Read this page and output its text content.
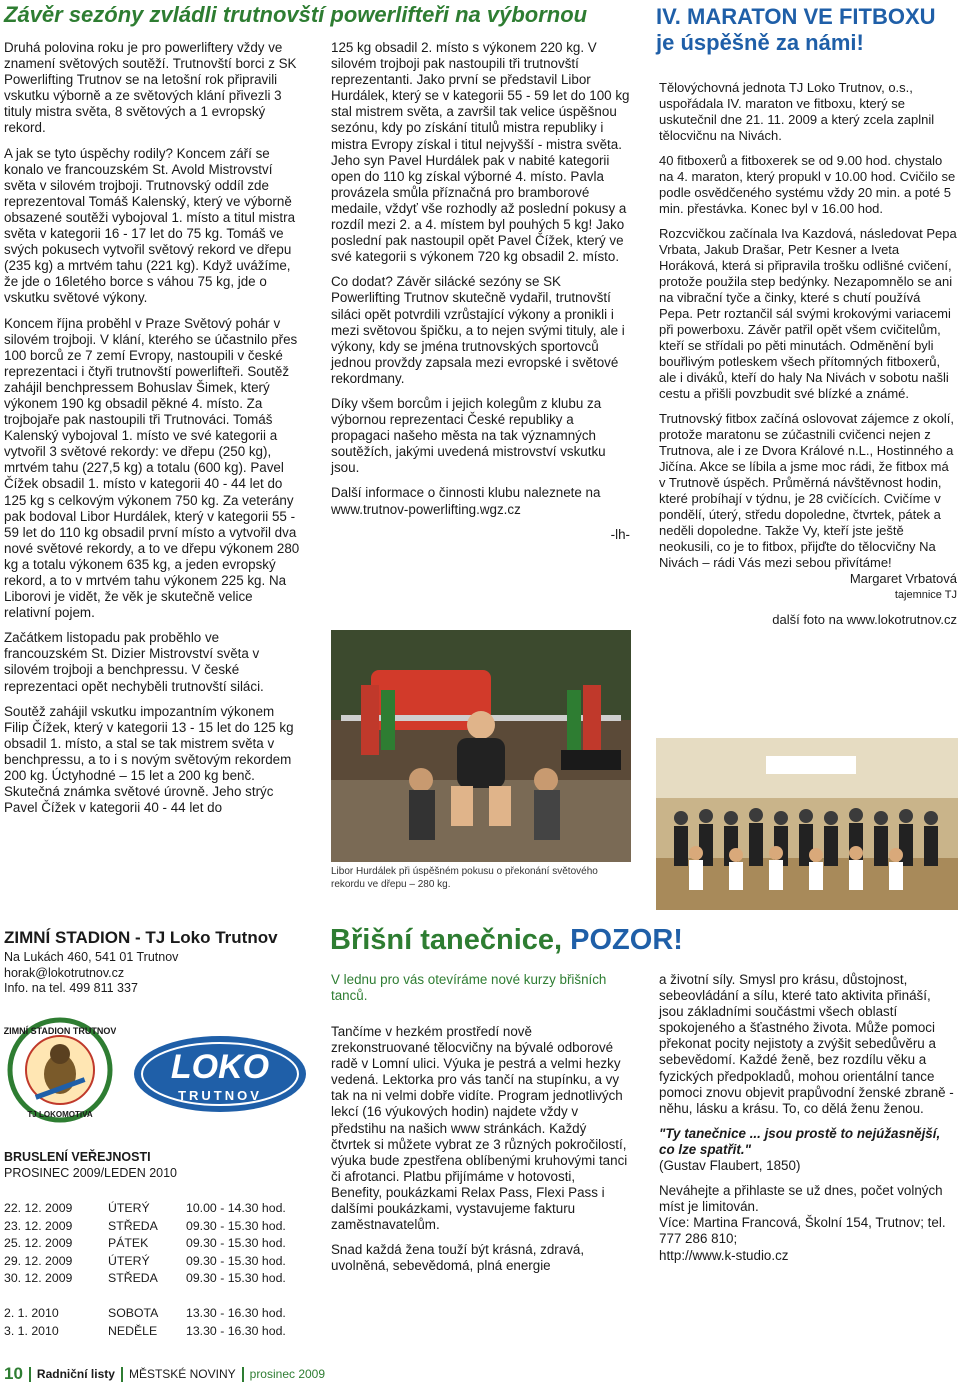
Závěr sezóny zvládli trutnovští powerlifteři na výbornou

Druhá polovina roku je pro powerliftery vždy ve znamení světových soutěží. Trutnovští borci z SK Powerlifting Trutnov se na letošní rok připravili vskutku výborně a ze světových klání přivezli 3 tituly mistra světa, 8 světových a 1 evropský rekord.

A jak se tyto úspěchy rodily? Koncem září se konalo ve francouzském St. Avold Mistrovství světa v silovém trojboji. Trutnovský oddíl zde reprezentoval Tomáš Kalenský, který ve výborně obsazené soutěži vybojoval 1. místo a titul mistra světa v kategorii 16 - 17 let do 75 kg. Tomáš ve svých pokusech vytvořil světový rekord ve dřepu (235 kg) a mrtvém tahu (221 kg). Když uvážíme, že jde o 16letého borce s váhou 75 kg, jde o vskutku světové výkony.

Koncem října proběhl v Praze Světový pohár v silovém trojboji. V klání, kterého se účastnilo přes 100 borců ze 7 zemí Evropy, nastoupili v české reprezentaci i čtyři trutnovští powerlifteři. Soutěž zahájil benchpressem Bohuslav Šimek, který výkonem 190 kg obsadil pěkné 4. místo. Za trojbojaře pak nastoupili tři Trutnováci. Tomáš Kalenský vybojoval 1. místo ve své kategorii a vytvořil 3 světové rekordy: ve dřepu (250 kg), mrtvém tahu (227,5 kg) a totalu (600 kg). Pavel Čížek obsadil 1. místo v kategorii 40 - 44 let do 125 kg s celkovým výkonem 750 kg. Za veterány pak bodoval Libor Hurdálek, který v kategorii 55 - 59 let do 110 kg obsadil první místo a vytvořil dva nové světové rekordy, a to ve dřepu výkonem 280 kg a totalu výkonem 635 kg, a jeden evropský rekord, a to v mrtvém tahu výkonem 225 kg. Na Liborovi je vidět, že věk je skutečně velice relativní pojem.

Začátkem listopadu pak proběhlo ve francouzském St. Dizier Mistrovství světa v silovém trojboji a benchpressu. V české reprezentaci opět nechyběli trutnovští siláci.

Soutěž zahájil vskutku impozantním výkonem Filip Čížek, který v kategorii 13 - 15 let do 125 kg obsadil 1. místo, a stal se tak mistrem světa v benchpressu, a to i s novým světovým rekordem 200 kg. Úctyhodné – 15 let a 200 kg benč. Skutečná známka světové úrovně. Jeho strýc Pavel Čížek v kategorii 40 - 44 let do

125 kg obsadil 2. místo s výkonem 220 kg. V silovém trojboji pak nastoupili tři trutnovští reprezentanti. Jako první se představil Libor Hurdálek, který se v kategorii 55 - 59 let do 100 kg stal mistrem světa, a završil tak velice úspěšnou sezónu, kdy po získání titulů mistra republiky i mistra Evropy získal i titul nejvyšší - mistra světa. Jeho syn Pavel Hurdálek pak v nabité kategorii open do 110 kg získal výborné 4. místo. Pavla provázela smůla příznačná pro bramborové medaile, vždyť vše rozhodly až poslední pokusy a rozdíl mezi 2. a 4. místem byl pouhých 5 kg! Jako poslední pak nastoupil opět Pavel Čížek, který ve své kategorii s výkonem 720 kg obsadil 2. místo.

Co dodat? Závěr silácké sezóny se SK Powerlifting Trutnov skutečně vydařil, trutnovští siláci opět potvrdili vzrůstající výkony a pronikli i mezi světovou špičku, a to nejen svými tituly, ale i výkony, kdy se jména trutnovských sportovců jednou provždy zapsala mezi evropské i světové rekordmany.

Díky všem borcům i jejich kolegům z klubu za výbornou reprezentaci České republiky a propagaci našeho města na tak významných soutěžích, jakými uvedená mistrovství vskutku jsou.

Další informace o činnosti klubu naleznete na www.trutnov-powerlifting.wgz.cz

-lh-

Libor Hurdálek při úspěšném pokusu o překonání světového rekordu ve dřepu – 280 kg.
IV. MARATON VE FITBOXU
je úspěšně za námi!

Tělovýchovná jednota TJ Loko Trutnov, o.s., uspořádala IV. maraton ve fitboxu, který se uskutečnil dne 21. 11. 2009 a který zcela zaplnil tělocvičnu na Nivách.

40 fitboxerů a fitboxerek se od 9.00 hod. chystalo na 4. maraton, který propukl v 10.00 hod. Cvičilo se podle osvědčeného systému vždy 20 min. a poté 5 min. přestávka. Konec byl v 16.00 hod.

Rozcvičkou začínala Iva Kazdová, následovat Pepa Vrbata, Jakub Drašar, Petr Kesner a Iveta Horáková, která si připravila trošku odlišné cvičení, protože použila step bedýnky. Nezapomnělo se ani na vibrační tyče a činky, které s chutí používá Pepa. Petr roztančil sál svými krokovými variacemi při powerboxu. Závěr patřil opět všem cvičitelům, kteří se střídali po pěti minutách. Odměnění byli bouřlivým potleskem všech přítomných fitboxerů, ale i diváků, kteří do haly Na Nivách v sobotu našli cestu a přišli povzbudit své blízké a známé.

Trutnovský fitbox začíná oslovovat zájemce z okolí, protože maratonu se zúčastnili cvičenci nejen z Trutnova, ale i ze Dvora Králové n.L., Hostinného a Jičína. Akce se líbila a jsme moc rádi, že fitbox má v Trutnově úspěch. Průměrná návštěvnost hodin, které probíhají v týdnu, je 28 cvičících. Cvičíme v pondělí, úterý, středu dopoledne, čtvrtek, pátek a neděli dopoledne. Takže Vy, kteří jste ještě neokusili, co je to fitbox, přijďte do tělocvičny Na Nivách – rádi Vás mezi sebou přivítáme!

Margaret Vrbatová

tajemnice TJ

další foto na www.lokotrutnov.cz

ZIMNÍ STADION - TJ Loko Trutnov
Na Lukách 460, 541 01 Trutnov
horak@lokotrutnov.cz
Info. na tel. 499 811 337
ZIMNÍ STADION TRUTNOV
TJ LOKOMOTIVA
LOKO
TRUTNOV
BRUSLENÍ VEŘEJNOSTI
PROSINEC 2009/LEDEN 2010
22. 12. 2009	ÚTERÝ	10.00 - 14.30 hod.
23. 12. 2009	STŘEDA	09.30 - 15.30 hod.
25. 12. 2009	PÁTEK	09.30 - 15.30 hod.
29. 12. 2009	ÚTERÝ	09.30 - 15.30 hod.
30. 12. 2009	STŘEDA	09.30 - 15.30 hod.
2. 1. 2010	SOBOTA	13.30 - 16.30 hod.
3. 1. 2010	NEDĚLE	13.30 - 16.30 hod.
Břišní tanečnice, POZOR!
V lednu pro vás otevíráme nové kurzy břišních tanců.

Tančíme v hezkém prostředí nově zrekonstruované tělocvičny na bývalé odborové radě v Lomní ulici. Výuka je pestrá a velmi hezky vedená. Lektorka pro vás tančí na stupínku, a vy tak na ni velmi dobře vidíte. Program jednotlivých lekcí (16 výukových hodin) najdete vždy v předstihu na našich www stránkách. Každý čtvrtek si můžete vybrat ze 3 různých pokročilostí, výuka bude zpestřena oblíbenými kruhovými tanci či afrotanci. Platbu přijímáme v hotovosti, Benefity, poukázkami Relax Pass, Flexi Pass i dalšími poukázkami, vystavujeme fakturu zaměstnavatelům.

Snad každá žena touží být krásná, zdravá, uvolněná, sebevědomá, plná energie

a životní síly. Smysl pro krásu, důstojnost, sebeovládání a sílu, které tato aktivita přináší, jsou základními součástmi všech oblastí spokojeného a šťastného života. Může pomoci překonat pocity nejistoty a zvýšit sebedůvěru a sebevědomí. Každé ženě, bez rozdílu věku a fyzických předpokladů, mohou orientální tance pomoci znovu objevit prapůvodní ženské zbraně - něhu, lásku a krásu. To, co dělá ženu ženou.

"Ty tanečnice ... jsou prostě to nejúžasnější, co lze spatřit."

(Gustav Flaubert, 1850)

Neváhejte a přihlaste se už dnes, počet volných míst je limitován.

Více: Martina Francová, Školní 154, Trutnov; tel. 777 286 810;

http://www.k-studio.cz

10 Radniční listy MĚSTSKÉ NOVINY prosinec 2009
